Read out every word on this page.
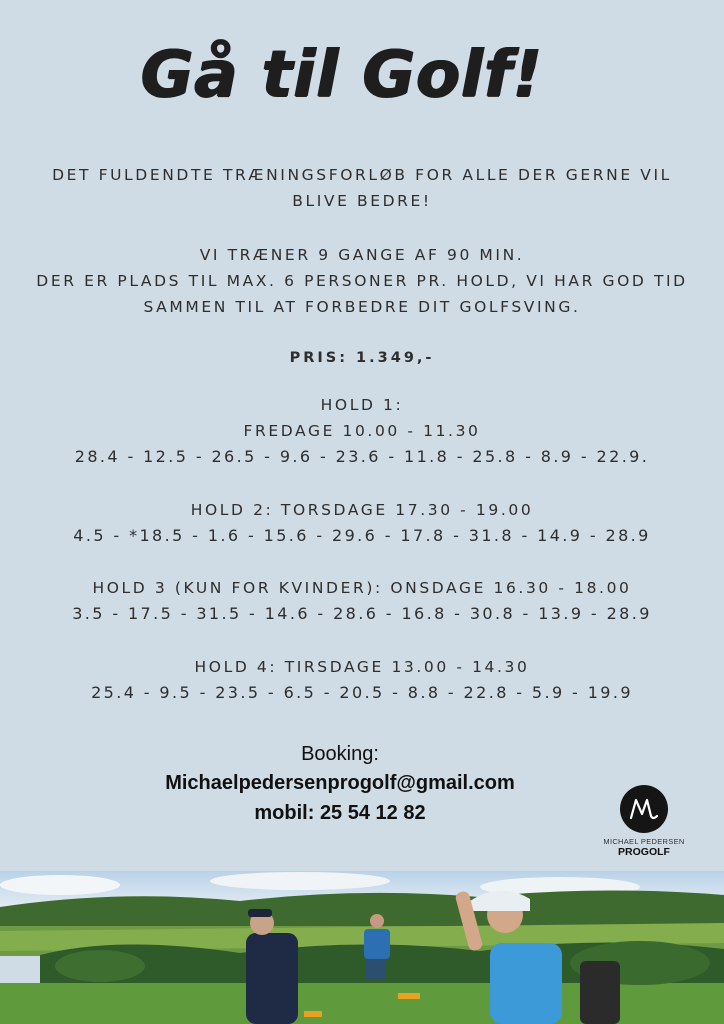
Gå til Golf!
DET FULDENDTE TRÆNINGSFORLØB FOR ALLE DER GERNE VIL
BLIVE BEDRE!
VI TRÆNER 9 GANGE AF 90 MIN.
DER ER PLADS TIL MAX. 6 PERSONER PR. HOLD, VI HAR GOD TID
SAMMEN TIL AT FORBEDRE DIT GOLFSVING.
PRIS: 1.349,-
HOLD 1:
FREDAGE 10.00 - 11.30
28.4 - 12.5 - 26.5 - 9.6 - 23.6 - 11.8 - 25.8 - 8.9 - 22.9.
HOLD 2: TORSDAGE 17.30 - 19.00
4.5 - *18.5 - 1.6 - 15.6 - 29.6 - 17.8 - 31.8 - 14.9 - 28.9
HOLD 3 (KUN FOR KVINDER): ONSDAGE 16.30 - 18.00
3.5 - 17.5 - 31.5 - 14.6 - 28.6 - 16.8 - 30.8 - 13.9 - 28.9
HOLD 4: TIRSDAGE 13.00 - 14.30
25.4 - 9.5 - 23.5 - 6.5 - 20.5 - 8.8 - 22.8 - 5.9 - 19.9
Booking:
Michaelpedersenprogolf@gmail.com
mobil: 25 54 12 82
MICHAEL PEDERSEN
PROGOLF
